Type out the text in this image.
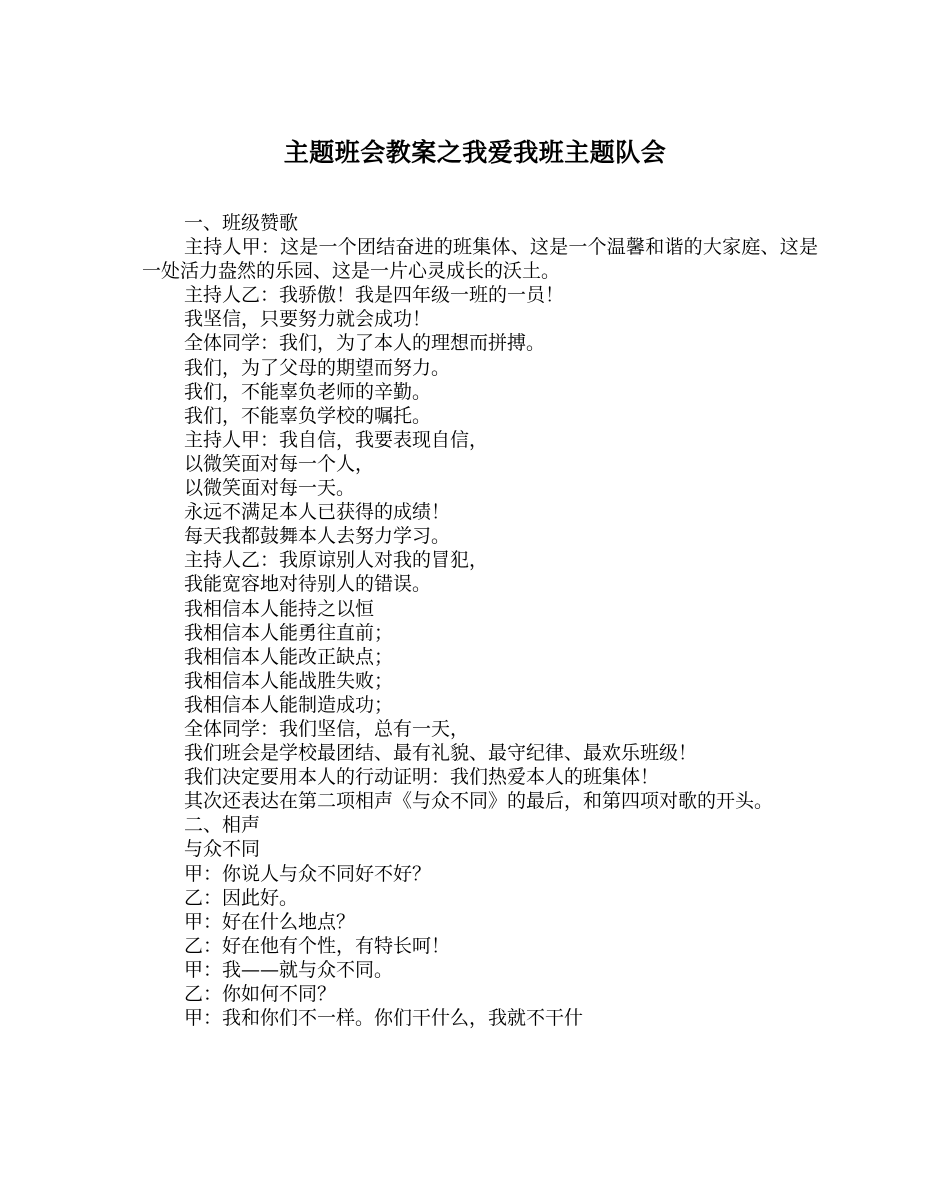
主题班会教案之我爱我班主题队会

一、班级赞歌

主持人甲：这是一个团结奋进的班集体、这是一个温馨和谐的大家庭、这是一处活力盎然的乐园、这是一片心灵成长的沃土。

主持人乙：我骄傲！我是四年级一班的一员！

我坚信，只要努力就会成功！

全体同学：我们，为了本人的理想而拼搏。

我们，为了父母的期望而努力。

我们，不能辜负老师的辛勤。

我们，不能辜负学校的嘱托。

主持人甲：我自信，我要表现自信，

以微笑面对每一个人，

以微笑面对每一天。

永远不满足本人已获得的成绩！

每天我都鼓舞本人去努力学习。

主持人乙：我原谅别人对我的冒犯，

我能宽容地对待别人的错误。

我相信本人能持之以恒

我相信本人能勇往直前；

我相信本人能改正缺点；

我相信本人能战胜失败；

我相信本人能制造成功；

全体同学：我们坚信，总有一天，

我们班会是学校最团结、最有礼貌、最守纪律、最欢乐班级！

我们决定要用本人的行动证明：我们热爱本人的班集体！

其次还表达在第二项相声《与众不同》的最后，和第四项对歌的开头。

二、相声

与众不同

甲：你说人与众不同好不好？

乙：因此好。

甲：好在什么地点？

乙：好在他有个性，有特长呵！

甲：我——就与众不同。

乙：你如何不同？

甲：我和你们不一样。你们干什么，我就不干什
